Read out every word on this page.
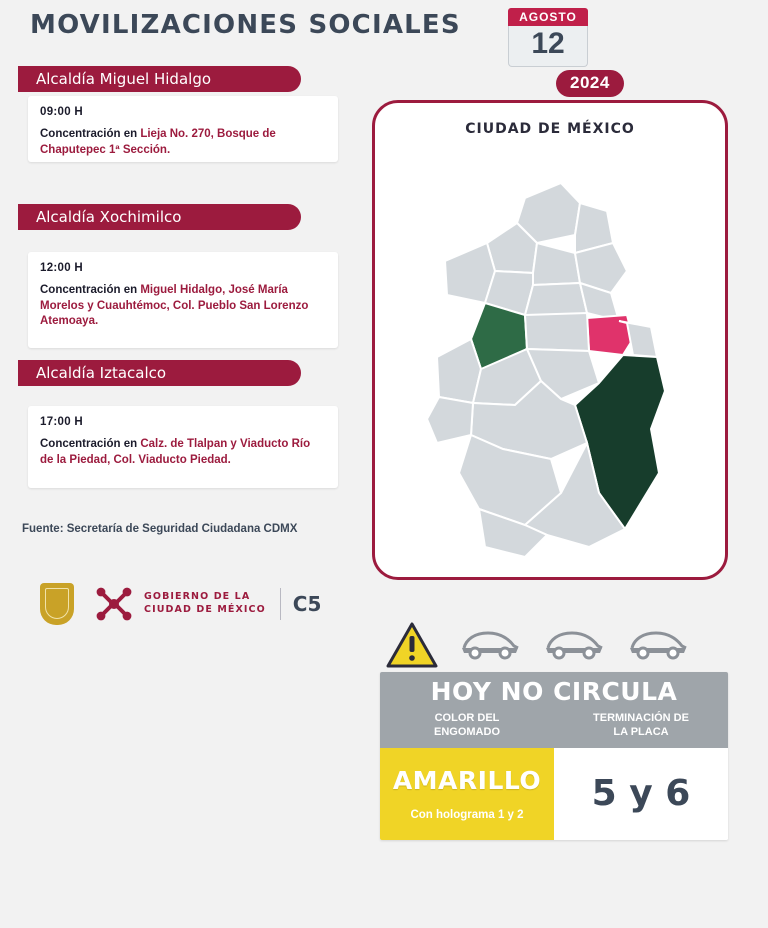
MOVILIZACIONES SOCIALES	AGOSTO
12
2024
Alcaldía Miguel Hidalgo
09:00 H
Concentración en Lieja No. 270, Bosque de Chaputepec 1ª Sección.
Alcaldía Xochimilco
12:00 H
Concentración en Miguel Hidalgo, José María Morelos y Cuauhtémoc, Col. Pueblo San Lorenzo Atemoaya.
Alcaldía Iztacalco
17:00 H
Concentración en Calz. de Tlalpan y Viaducto Río de la Piedad, Col. Viaducto Piedad.
Fuente: Secretaría de Seguridad Ciudadana CDMX
GOBIERNO DE LA
CIUDAD DE MÉXICO C5
CIUDAD DE MÉXICO
HOY NO CIRCULA
COLOR DEL
ENGOMADO
TERMINACIÓN DE
LA PLACA
AMARILLO
Con holograma 1 y 2
5 y 6
